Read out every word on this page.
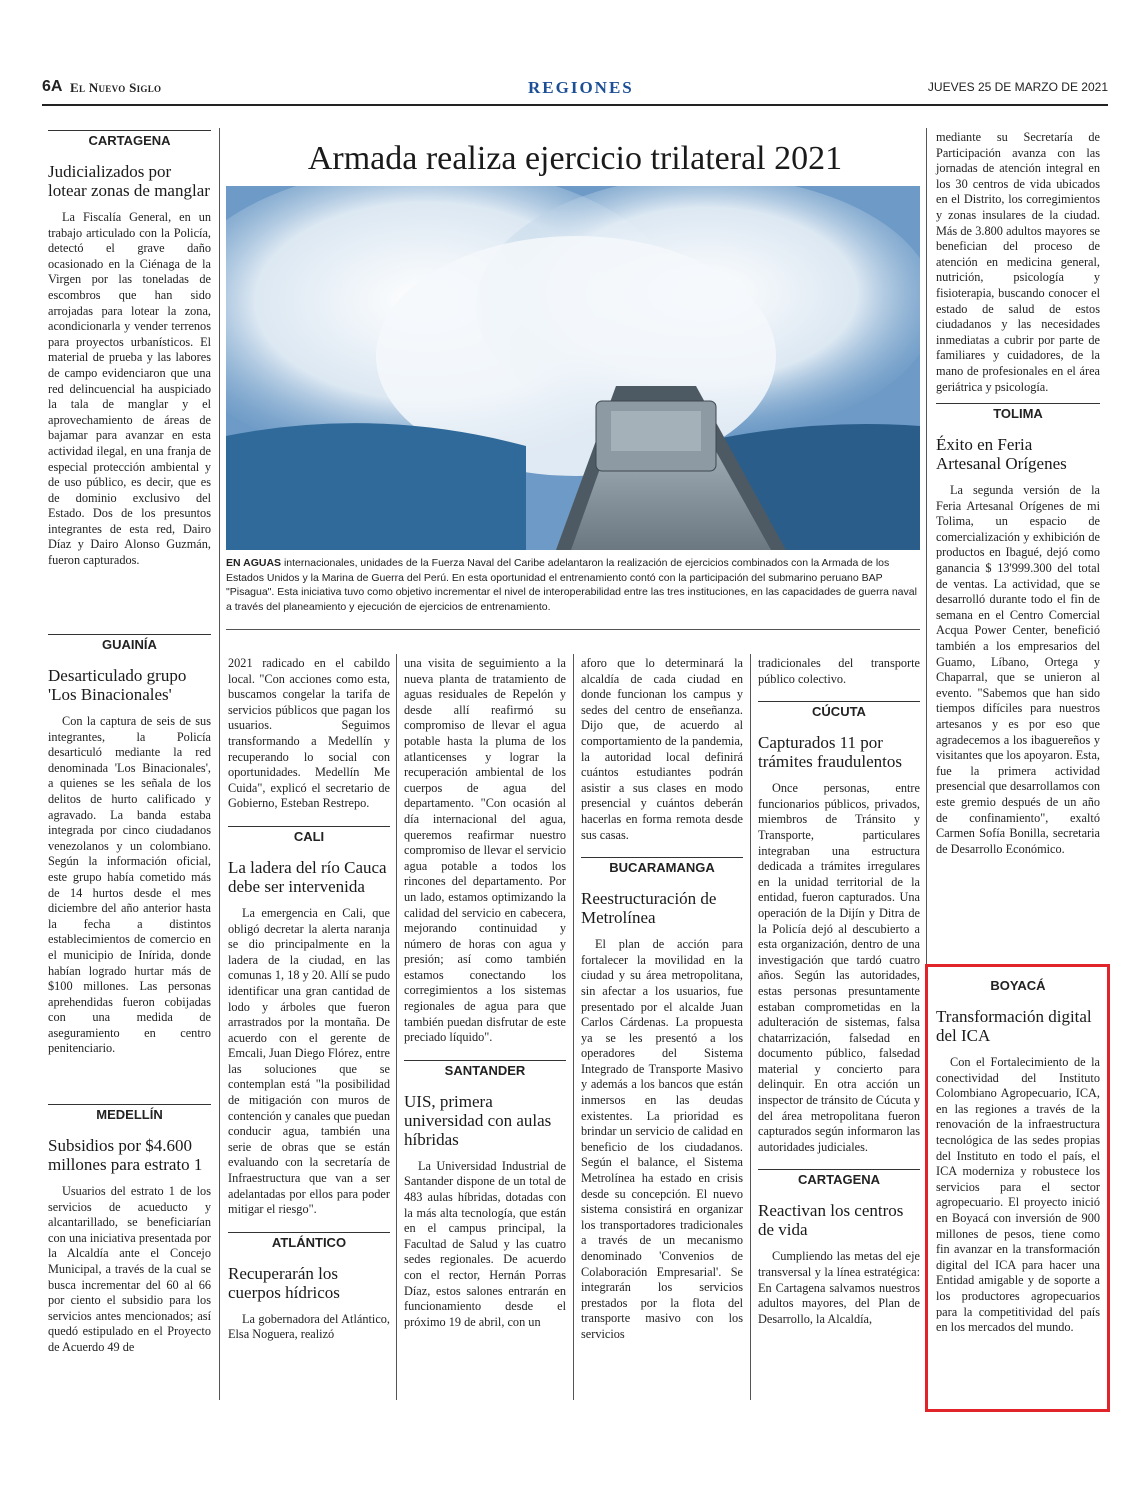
6A El Nuevo Siglo	REGIONES	JUEVES 25 DE MARZO DE 2021
CARTAGENA
Judicializados por lotear zonas de manglar

La Fiscalía General, en un trabajo articulado con la Policía, detectó el grave daño ocasionado en la Ciénaga de la Virgen por las toneladas de escombros que han sido arrojadas para lotear la zona, acondicionarla y vender terrenos para proyectos urbanísticos. El material de prueba y las labores de campo evidenciaron que una red delincuencial ha auspiciado la tala de manglar y el aprovechamiento de áreas de bajamar para avanzar en esta actividad ilegal, en una franja de especial protección ambiental y de uso público, es decir, que es de dominio exclusivo del Estado. Dos de los presuntos integrantes de esta red, Dairo Díaz y Dairo Alonso Guzmán, fueron capturados.

GUAINÍA
Desarticulado grupo 'Los Binacionales'

Con la captura de seis de sus integrantes, la Policía desarticuló mediante la red denominada 'Los Binacionales', a quienes se les señala de los delitos de hurto calificado y agravado. La banda estaba integrada por cinco ciudadanos venezolanos y un colombiano. Según la información oficial, este grupo había cometido más de 14 hurtos desde el mes diciembre del año anterior hasta la fecha a distintos establecimientos de comercio en el municipio de Inírida, donde habían logrado hurtar más de $100 millones. Las personas aprehendidas fueron cobijadas con una medida de aseguramiento en centro penitenciario.

MEDELLÍN
Subsidios por $4.600 millones para estrato 1

Usuarios del estrato 1 de los servicios de acueducto y alcantarillado, se beneficiarían con una iniciativa presentada por la Alcaldía ante el Concejo Municipal, a través de la cual se busca incrementar del 60 al 66 por ciento el subsidio para los servicios antes mencionados; así quedó estipulado en el Proyecto de Acuerdo 49 de

Armada realiza ejercicio trilateral 2021
EN AGUAS internacionales, unidades de la Fuerza Naval del Caribe adelantaron la realización de ejercicios combinados con la Armada de los Estados Unidos y la Marina de Guerra del Perú. En esta oportunidad el entrenamiento contó con la participación del submarino peruano BAP "Pisagua". Esta iniciativa tuvo como objetivo incrementar el nivel de interoperabilidad entre las tres instituciones, en las capacidades de guerra naval a través del planeamiento y ejecución de ejercicios de entrenamiento.

2021 radicado en el cabildo local. "Con acciones como esta, buscamos congelar la tarifa de servicios públicos que pagan los usuarios. Seguimos transformando a Medellín y recuperando lo social con oportunidades. Medellín Me Cuida", explicó el secretario de Gobierno, Esteban Restrepo.

CALI
La ladera del río Cauca debe ser intervenida

La emergencia en Cali, que obligó decretar la alerta naranja se dio principalmente en la ladera de la ciudad, en las comunas 1, 18 y 20. Allí se pudo identificar una gran cantidad de lodo y árboles que fueron arrastrados por la montaña. De acuerdo con el gerente de Emcali, Juan Diego Flórez, entre las soluciones que se contemplan está "la posibilidad de mitigación con muros de contención y canales que puedan conducir agua, también una serie de obras que se están evaluando con la secretaría de Infraestructura que van a ser adelantadas por ellos para poder mitigar el riesgo".

ATLÁNTICO
Recuperarán los cuerpos hídricos

La gobernadora del Atlántico, Elsa Noguera, realizó

una visita de seguimiento a la nueva planta de tratamiento de aguas residuales de Repelón y desde allí reafirmó su compromiso de llevar el agua potable hasta la pluma de los atlanticenses y lograr la recuperación ambiental de los cuerpos de agua del departamento. "Con ocasión al día internacional del agua, queremos reafirmar nuestro compromiso de llevar el servicio agua potable a todos los rincones del departamento. Por un lado, estamos optimizando la calidad del servicio en cabecera, mejorando continuidad y número de horas con agua y presión; así como también estamos conectando los corregimientos a los sistemas regionales de agua para que también puedan disfrutar de este preciado líquido".

SANTANDER
UIS, primera universidad con aulas híbridas

La Universidad Industrial de Santander dispone de un total de 483 aulas híbridas, dotadas con la más alta tecnología, que están en el campus principal, la Facultad de Salud y las cuatro sedes regionales. De acuerdo con el rector, Hernán Porras Díaz, estos salones entrarán en funcionamiento desde el próximo 19 de abril, con un

aforo que lo determinará la alcaldía de cada ciudad en donde funcionan los campus y sedes del centro de enseñanza. Dijo que, de acuerdo al comportamiento de la pandemia, la autoridad local definirá cuántos estudiantes podrán asistir a sus clases en modo presencial y cuántos deberán hacerlas en forma remota desde sus casas.

BUCARAMANGA
Reestructuración de Metrolínea

El plan de acción para fortalecer la movilidad en la ciudad y su área metropolitana, sin afectar a los usuarios, fue presentado por el alcalde Juan Carlos Cárdenas. La propuesta ya se les presentó a los operadores del Sistema Integrado de Transporte Masivo y además a los bancos que están inmersos en las deudas existentes. La prioridad es brindar un servicio de calidad en beneficio de los ciudadanos. Según el balance, el Sistema Metrolínea ha estado en crisis desde su concepción. El nuevo sistema consistirá en organizar los transportadores tradicionales a través de un mecanismo denominado 'Convenios de Colaboración Empresarial'. Se integrarán los servicios prestados por la flota del transporte masivo con los servicios

tradicionales del transporte público colectivo.

CÚCUTA
Capturados 11 por trámites fraudulentos

Once personas, entre funcionarios públicos, privados, miembros de Tránsito y Transporte, particulares integraban una estructura dedicada a trámites irregulares en la unidad territorial de la entidad, fueron capturados. Una operación de la Dijín y Ditra de la Policía dejó al descubierto a esta organización, dentro de una investigación que tardó cuatro años. Según las autoridades, estas personas presuntamente estaban comprometidas en la adulteración de sistemas, falsa chatarrización, falsedad en documento público, falsedad material y concierto para delinquir. En otra acción un inspector de tránsito de Cúcuta y del área metropolitana fueron capturados según informaron las autoridades judiciales.

CARTAGENA
Reactivan los centros de vida

Cumpliendo las metas del eje transversal y la línea estratégica: En Cartagena salvamos nuestros adultos mayores, del Plan de Desarrollo, la Alcaldía,

mediante su Secretaría de Participación avanza con las jornadas de atención integral en los 30 centros de vida ubicados en el Distrito, los corregimientos y zonas insulares de la ciudad. Más de 3.800 adultos mayores se benefician del proceso de atención en medicina general, nutrición, psicología y fisioterapia, buscando conocer el estado de salud de estos ciudadanos y las necesidades inmediatas a cubrir por parte de familiares y cuidadores, de la mano de profesionales en el área geriátrica y psicología.

TOLIMA
Éxito en Feria Artesanal Orígenes

La segunda versión de la Feria Artesanal Orígenes de mi Tolima, un espacio de comercialización y exhibición de productos en Ibagué, dejó como ganancia $ 13'999.300 del total de ventas. La actividad, que se desarrolló durante todo el fin de semana en el Centro Comercial Acqua Power Center, benefició también a los empresarios del Guamo, Líbano, Ortega y Chaparral, que se unieron al evento. "Sabemos que han sido tiempos difíciles para nuestros artesanos y es por eso que agradecemos a los ibaguereños y visitantes que los apoyaron. Esta, fue la primera actividad presencial que desarrollamos con este gremio después de un año de confinamiento", exaltó Carmen Sofía Bonilla, secretaria de Desarrollo Económico.

BOYACÁ
Transformación digital del ICA

Con el Fortalecimiento de la conectividad del Instituto Colombiano Agropecuario, ICA, en las regiones a través de la renovación de la infraestructura tecnológica de las sedes propias del Instituto en todo el país, el ICA moderniza y robustece los servicios para el sector agropecuario. El proyecto inició en Boyacá con inversión de 900 millones de pesos, tiene como fin avanzar en la transformación digital del ICA para hacer una Entidad amigable y de soporte a los productores agropecuarios para la competitividad del país en los mercados del mundo.
